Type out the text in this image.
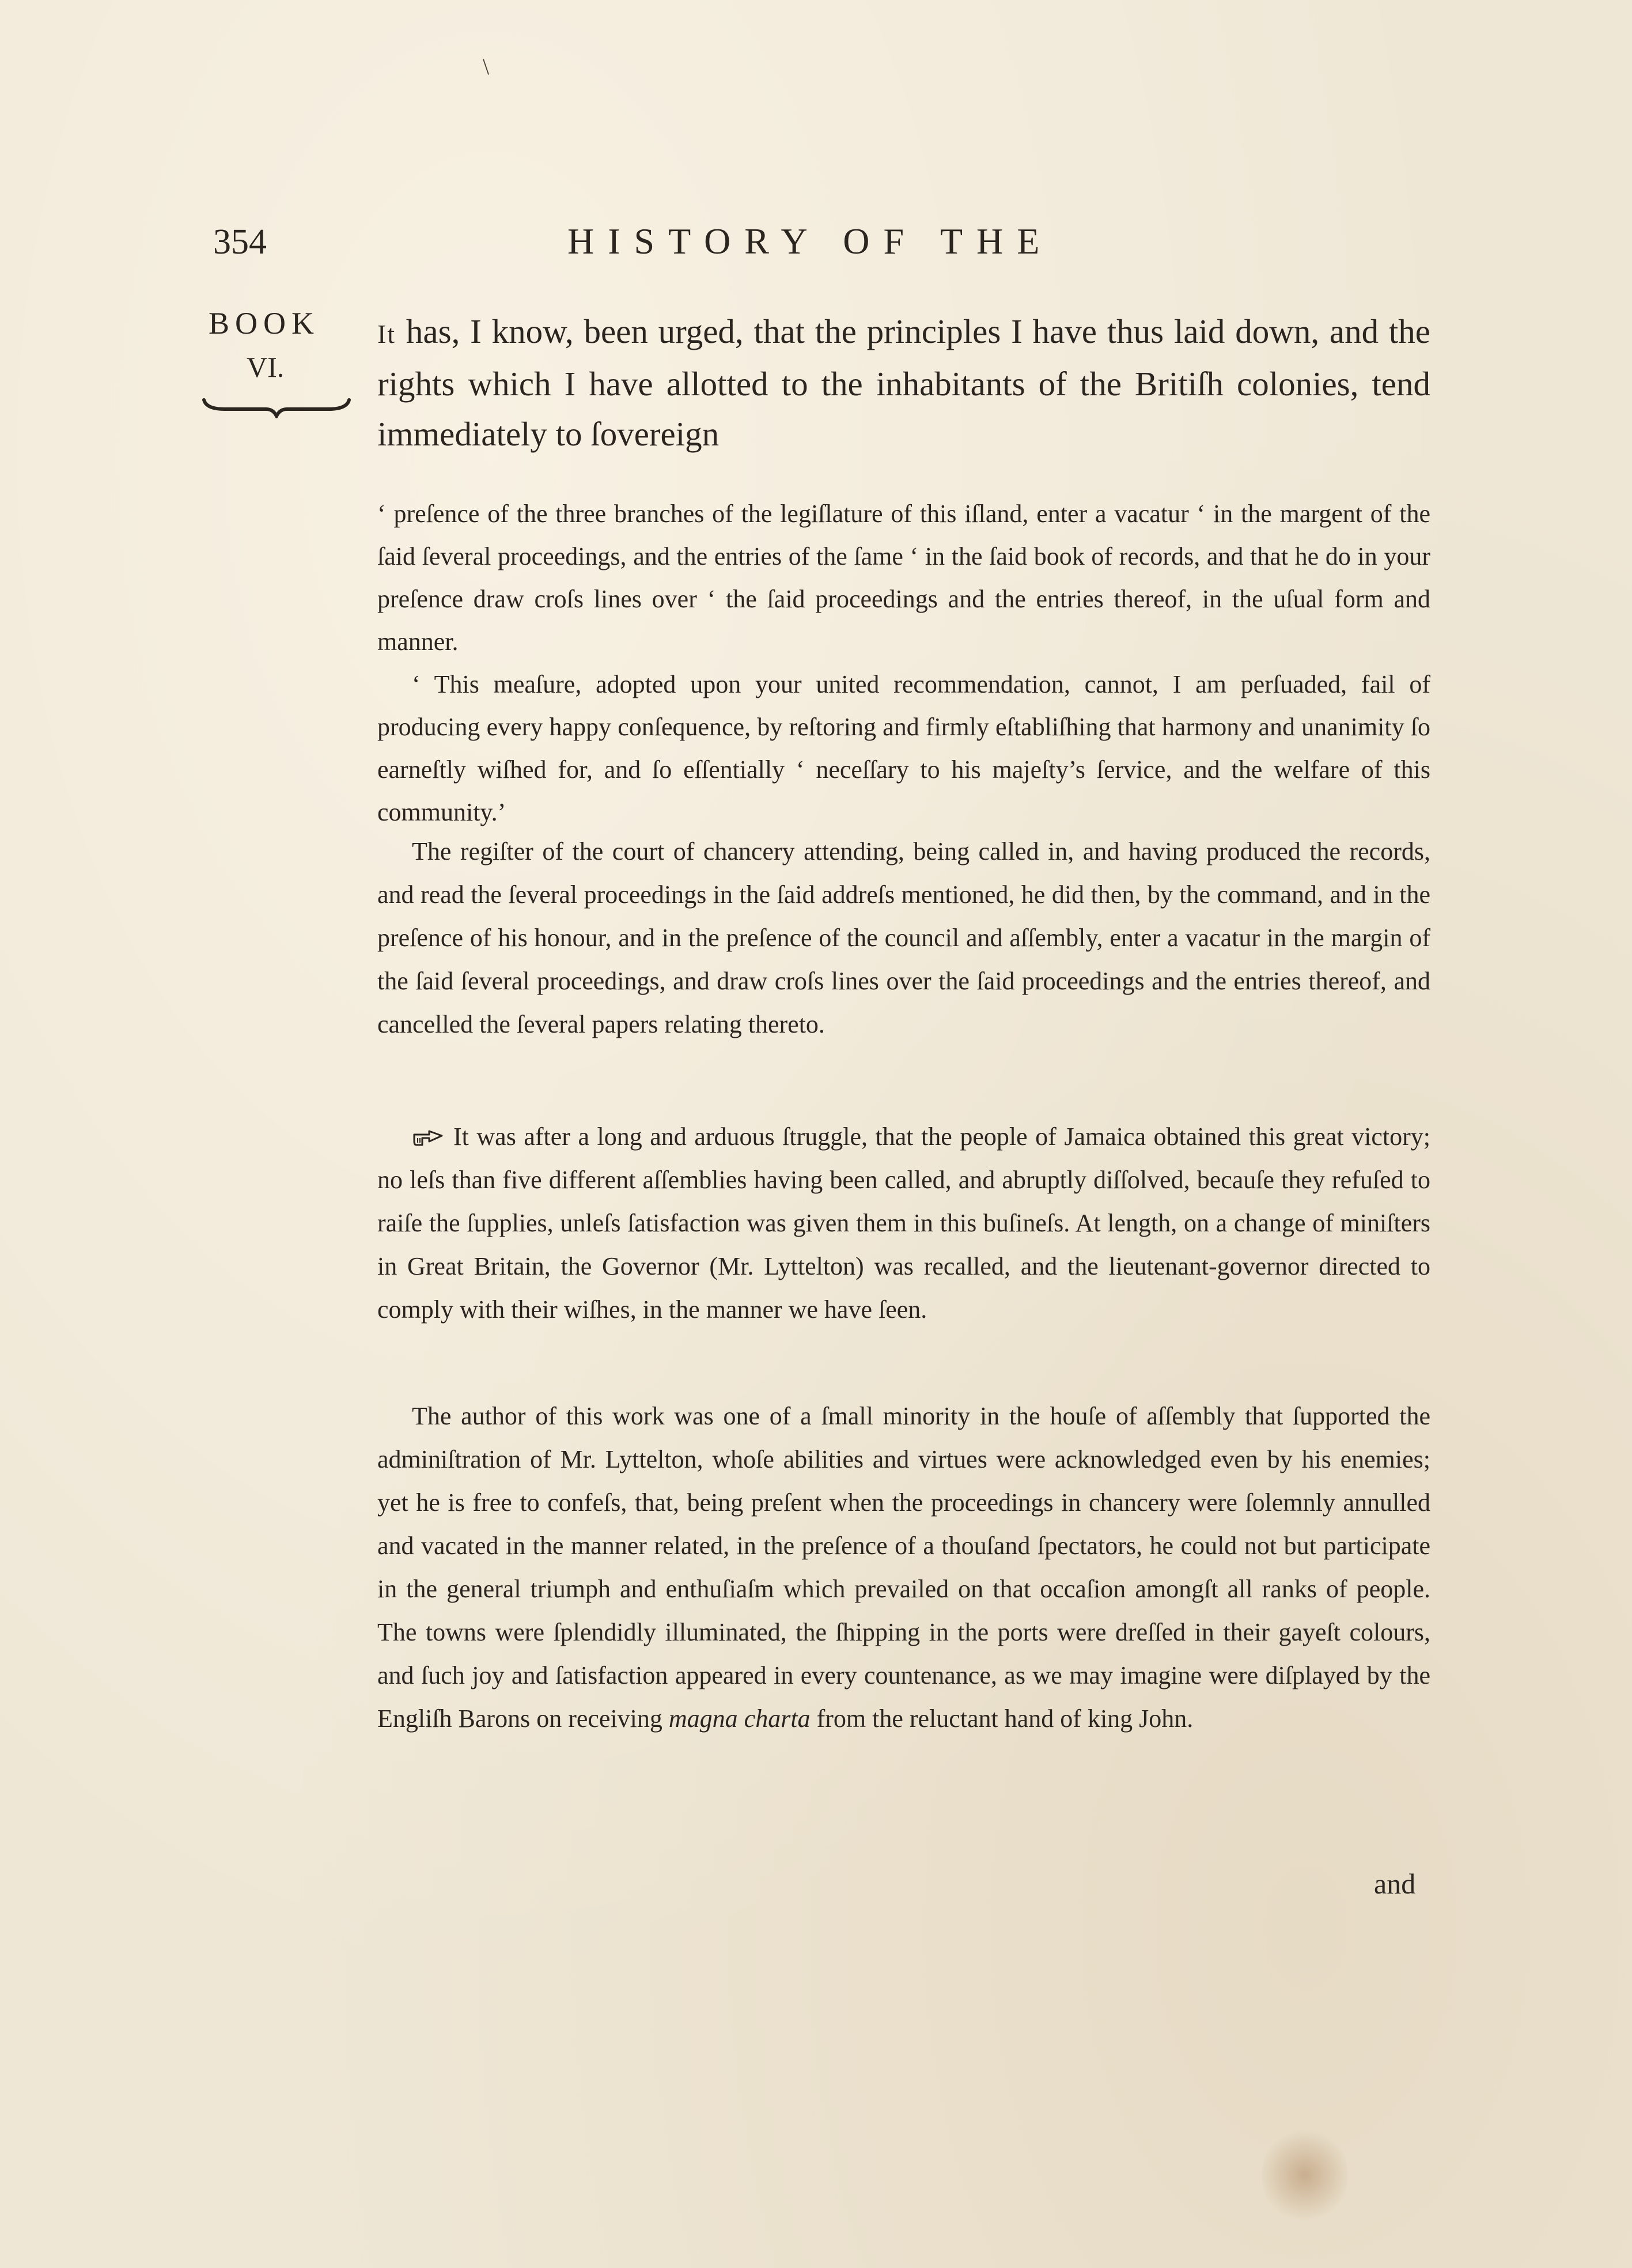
\
354	HISTORY OF THE
BOOK
VI.
It has, I know, been urged, that the principles I have thus laid down, and the rights which I have allotted to the inhabitants of the Britiſh colonies, tend immediately to ſovereign
‘ preſence of the three branches of the legiſlature of this iſland, enter a vacatur ‘ in the margent of the ſaid ſeveral proceedings, and the entries of the ſame ‘ in the ſaid book of records, and that he do in your preſence draw croſs lines over ‘ the ſaid proceedings and the entries thereof, in the uſual form and manner.
‘ This meaſure, adopted upon your united recommendation, cannot, I am perſuaded, fail of producing every happy conſequence, by reſtoring and firmly eſtabliſhing that harmony and unanimity ſo earneſtly wiſhed for, and ſo eſſentially ‘ neceſſary to his majeſty’s ſervice, and the welfare of this community.’
The regiſter of the court of chancery attending, being called in, and having produced the records, and read the ſeveral proceedings in the ſaid addreſs mentioned, he did then, by the command, and in the preſence of his honour, and in the preſence of the council and aſſembly, enter a vacatur in the margin of the ſaid ſeveral proceedings, and draw croſs lines over the ſaid proceedings and the entries thereof, and cancelled the ſeveral papers relating thereto.
It was after a long and arduous ſtruggle, that the people of Jamaica obtained this great victory; no leſs than five different aſſemblies having been called, and abruptly diſſolved, becauſe they refuſed to raiſe the ſupplies, unleſs ſatisfaction was given them in this buſineſs. At length, on a change of miniſters in Great Britain, the Governor (Mr. Lyttelton) was recalled, and the lieutenant-governor directed to comply with their wiſhes, in the manner we have ſeen.
The author of this work was one of a ſmall minority in the houſe of aſſembly that ſupported the adminiſtration of Mr. Lyttelton, whoſe abilities and virtues were acknowledged even by his enemies; yet he is free to confeſs, that, being preſent when the proceedings in chancery were ſolemnly annulled and vacated in the manner related, in the preſence of a thouſand ſpectators, he could not but participate in the general triumph and enthuſiaſm which prevailed on that occaſion amongſt all ranks of people. The towns were ſplendidly illuminated, the ſhipping in the ports were dreſſed in their gayeſt colours, and ſuch joy and ſatisfaction appeared in every countenance, as we may imagine were diſplayed by the Engliſh Barons on receiving magna charta from the reluctant hand of king John.
and
